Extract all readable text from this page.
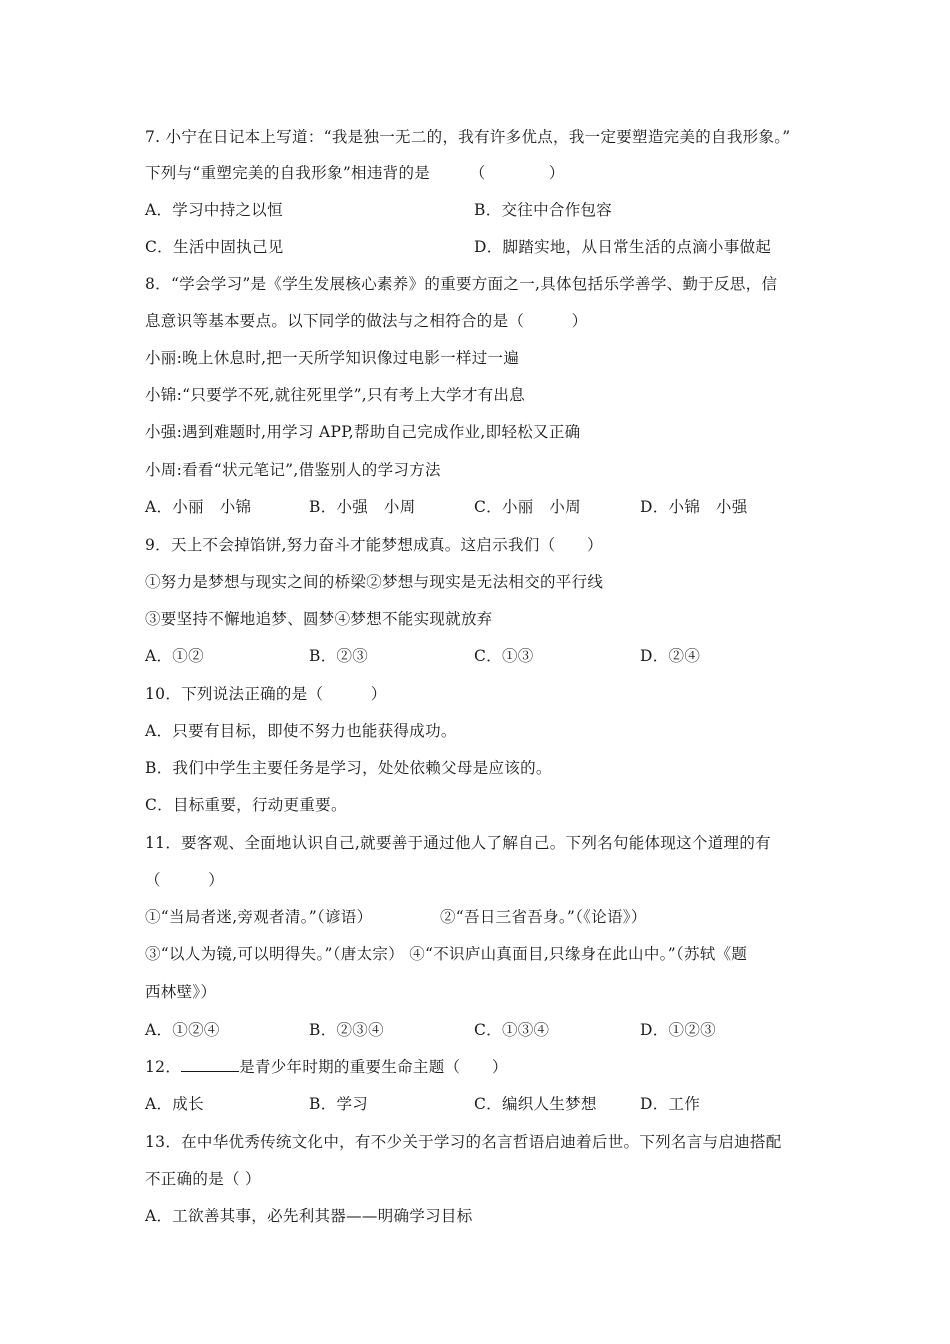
7. 小宁在日记本上写道：“我是独一无二的，我有许多优点，我一定要塑造完美的自我形象。”
下列与“重塑完美的自我形象”相违背的是　　　（　　　　）
A．学习中持之以恒	B．交往中合作包容
C．生活中固执己见	D．脚踏实地，从日常生活的点滴小事做起
8．“学会学习”是《学生发展核心素养》的重要方面之一,具体包括乐学善学、勤于反思，信
息意识等基本要点。以下同学的做法与之相符合的是（　　　）
小丽:晚上休息时,把一天所学知识像过电影一样过一遍
小锦:“只要学不死,就往死里学”,只有考上大学才有出息
小强:遇到难题时,用学习 APP,帮助自己完成作业,即轻松又正确
小周:看看“状元笔记”,借鉴别人的学习方法
A．小丽　小锦	B．小强　小周	C．小丽　小周	D．小锦　小强
9．天上不会掉馅饼,努力奋斗才能梦想成真。这启示我们（　　）
①努力是梦想与现实之间的桥梁②梦想与现实是无法相交的平行线
③要坚持不懈地追梦、圆梦④梦想不能实现就放弃
A．①②	B．②③	C．①③	D．②④
10．下列说法正确的是（　　　）
A．只要有目标，即使不努力也能获得成功。
B．我们中学生主要任务是学习，处处依赖父母是应该的。
C．目标重要，行动更重要。
11．要客观、全面地认识自己,就要善于通过他人了解自己。下列名句能体现这个道理的有
（　　　）
①“当局者迷,旁观者清。”（谚语）	②“吾日三省吾身。”（《论语》）
③“以人为镜,可以明得失。”（唐太宗） ④“不识庐山真面目,只缘身在此山中。”（苏轼《题
西林壁》）
A．①②④	B．②③④	C．①③④	D．①②③
12．	是青少年时期的重要生命主题（　　）
A．成长	B．学习	C．编织人生梦想	D．工作
13．在中华优秀传统文化中，有不少关于学习的名言哲语启迪着后世。下列名言与启迪搭配
不正确的是（ ）
A．工欲善其事，必先利其器——明确学习目标
